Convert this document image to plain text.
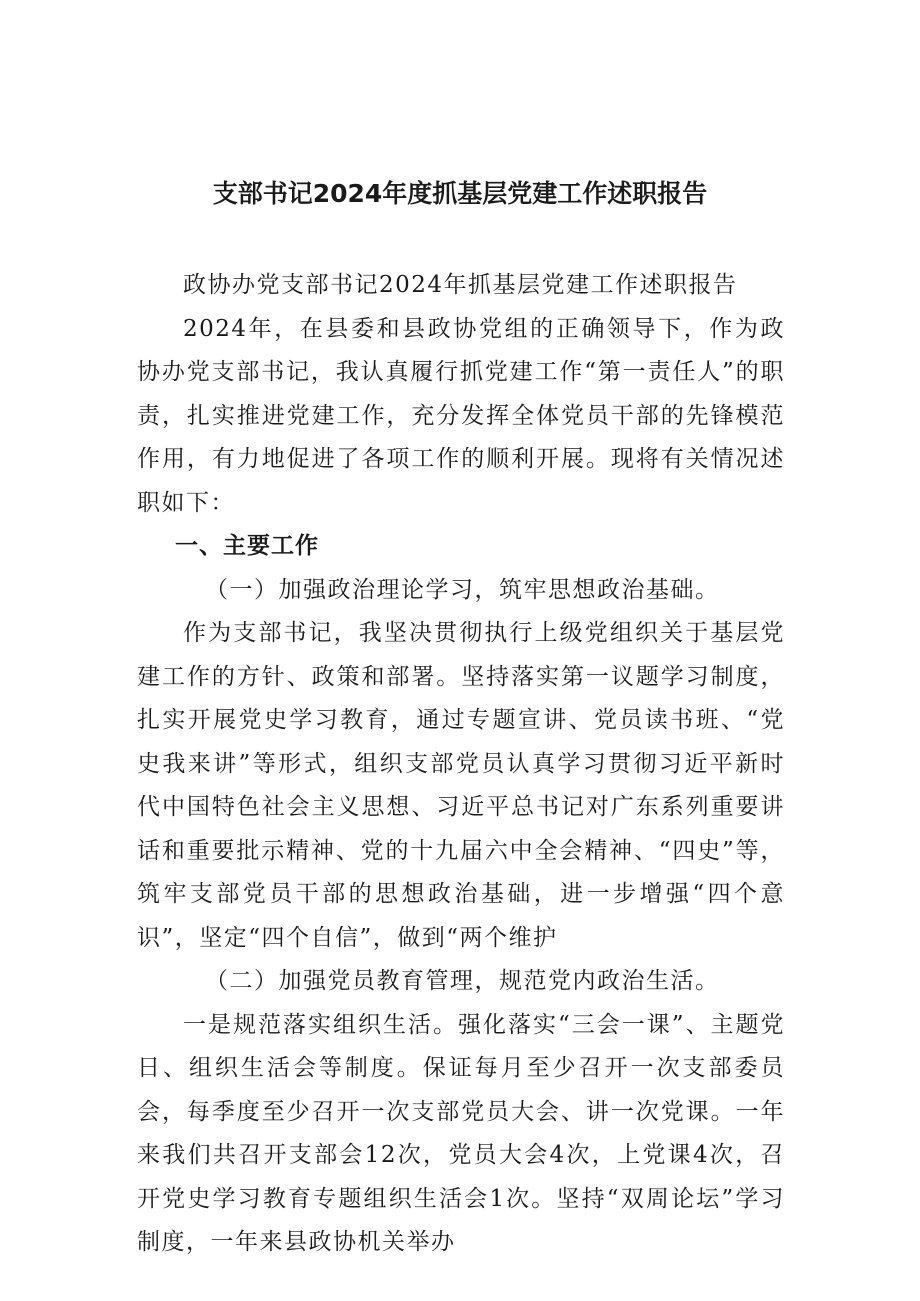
支部书记2024年度抓基层党建工作述职报告

政协办党支部书记2024年抓基层党建工作述职报告

2024年，在县委和县政协党组的正确领导下，作为政协办党支部书记，我认真履行抓党建工作“第一责任人”的职责，扎实推进党建工作，充分发挥全体党员干部的先锋模范作用，有力地促进了各项工作的顺利开展。现将有关情况述职如下：

一、主要工作

（一）加强政治理论学习，筑牢思想政治基础。

作为支部书记，我坚决贯彻执行上级党组织关于基层党建工作的方针、政策和部署。坚持落实第一议题学习制度，扎实开展党史学习教育，通过专题宣讲、党员读书班、“党史我来讲”等形式，组织支部党员认真学习贯彻习近平新时代中国特色社会主义思想、习近平总书记对广东系列重要讲话和重要批示精神、党的十九届六中全会精神、“四史”等，筑牢支部党员干部的思想政治基础，进一步增强“四个意识”，坚定“四个自信”，做到“两个维护

（二）加强党员教育管理，规范党内政治生活。

一是规范落实组织生活。强化落实“三会一课”、主题党日、组织生活会等制度。保证每月至少召开一次支部委员会，每季度至少召开一次支部党员大会、讲一次党课。一年来我们共召开支部会12次，党员大会4次，上党课4次，召开党史学习教育专题组织生活会1次。坚持“双周论坛”学习制度，一年来县政协机关举办
